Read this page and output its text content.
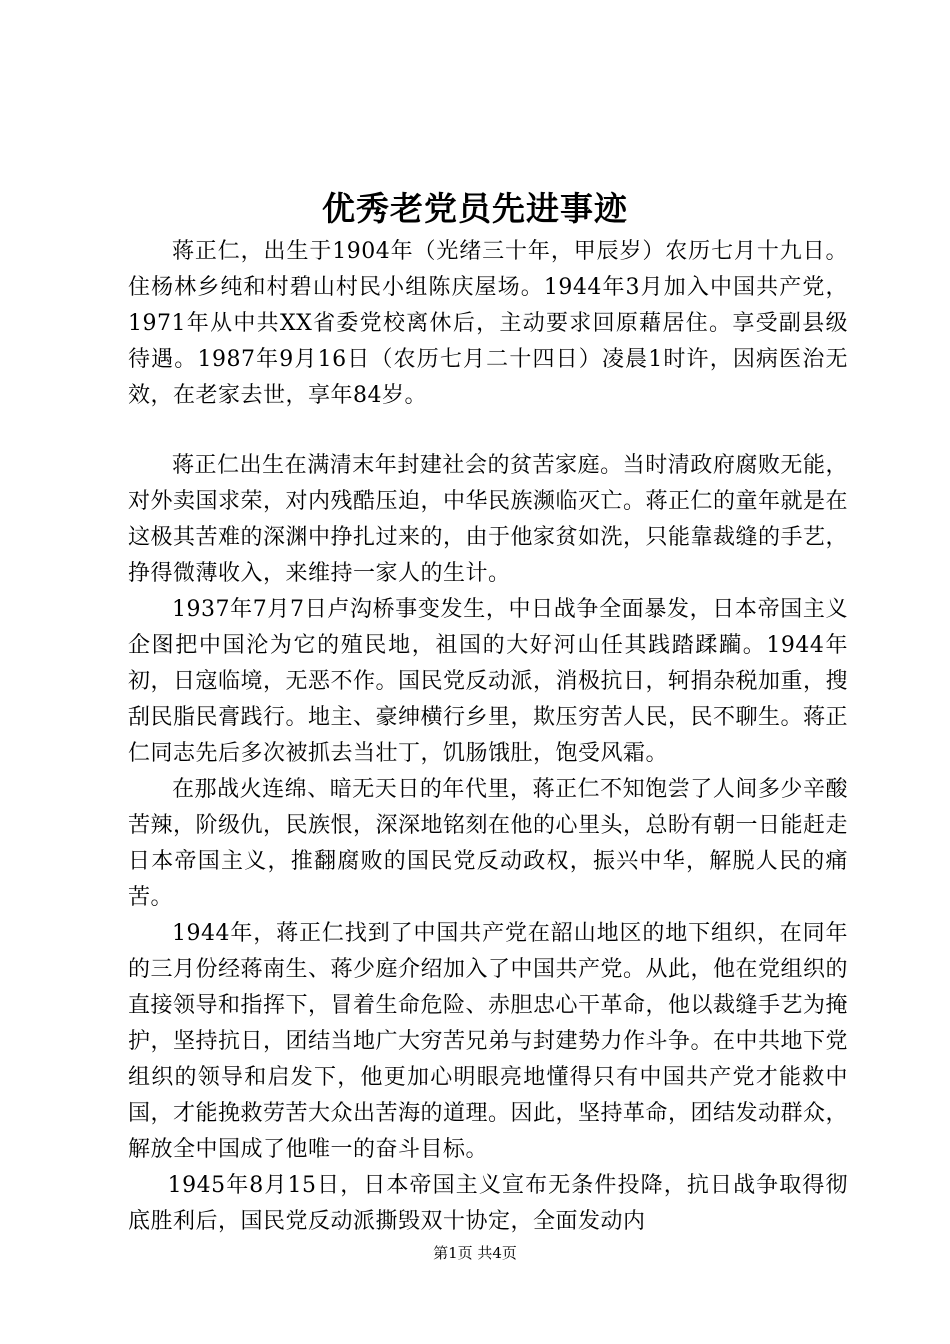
优秀老党员先进事迹

蒋正仁，出生于1904年（光绪三十年，甲辰岁）农历七月十九日。住杨林乡纯和村碧山村民小组陈庆屋场。1944年3月加入中国共产党，1971年从中共XX省委党校离休后，主动要求回原藉居住。享受副县级待遇。1987年9月16日（农历七月二十四日）凌晨1时许，因病医治无效，在老家去世，享年84岁。

蒋正仁出生在满清末年封建社会的贫苦家庭。当时清政府腐败无能，对外卖国求荣，对内残酷压迫，中华民族濒临灭亡。蒋正仁的童年就是在这极其苦难的深渊中挣扎过来的，由于他家贫如洗，只能靠裁缝的手艺，挣得微薄收入，来维持一家人的生计。

1937年7月7日卢沟桥事变发生，中日战争全面暴发，日本帝国主义企图把中国沦为它的殖民地，祖国的大好河山任其践踏蹂躏。1944年初，日寇临境，无恶不作。国民党反动派，消极抗日，轲捐杂税加重，搜刮民脂民膏践行。地主、豪绅横行乡里，欺压穷苦人民，民不聊生。蒋正仁同志先后多次被抓去当壮丁，饥肠饿肚，饱受风霜。

在那战火连绵、暗无天日的年代里，蒋正仁不知饱尝了人间多少辛酸苦辣，阶级仇，民族恨，深深地铭刻在他的心里头，总盼有朝一日能赶走日本帝国主义，推翻腐败的国民党反动政权，振兴中华，解脱人民的痛苦。

1944年，蒋正仁找到了中国共产党在韶山地区的地下组织，在同年的三月份经蒋南生、蒋少庭介绍加入了中国共产党。从此，他在党组织的直接领导和指挥下，冒着生命危险、赤胆忠心干革命，他以裁缝手艺为掩护，坚持抗日，团结当地广大穷苦兄弟与封建势力作斗争。在中共地下党组织的领导和启发下，他更加心明眼亮地懂得只有中国共产党才能救中国，才能挽救劳苦大众出苦海的道理。因此，坚持革命，团结发动群众，解放全中国成了他唯一的奋斗目标。

1945年8月15日，日本帝国主义宣布无条件投降，抗日战争取得彻底胜利后，国民党反动派撕毁双十协定，全面发动内

第1页 共4页
